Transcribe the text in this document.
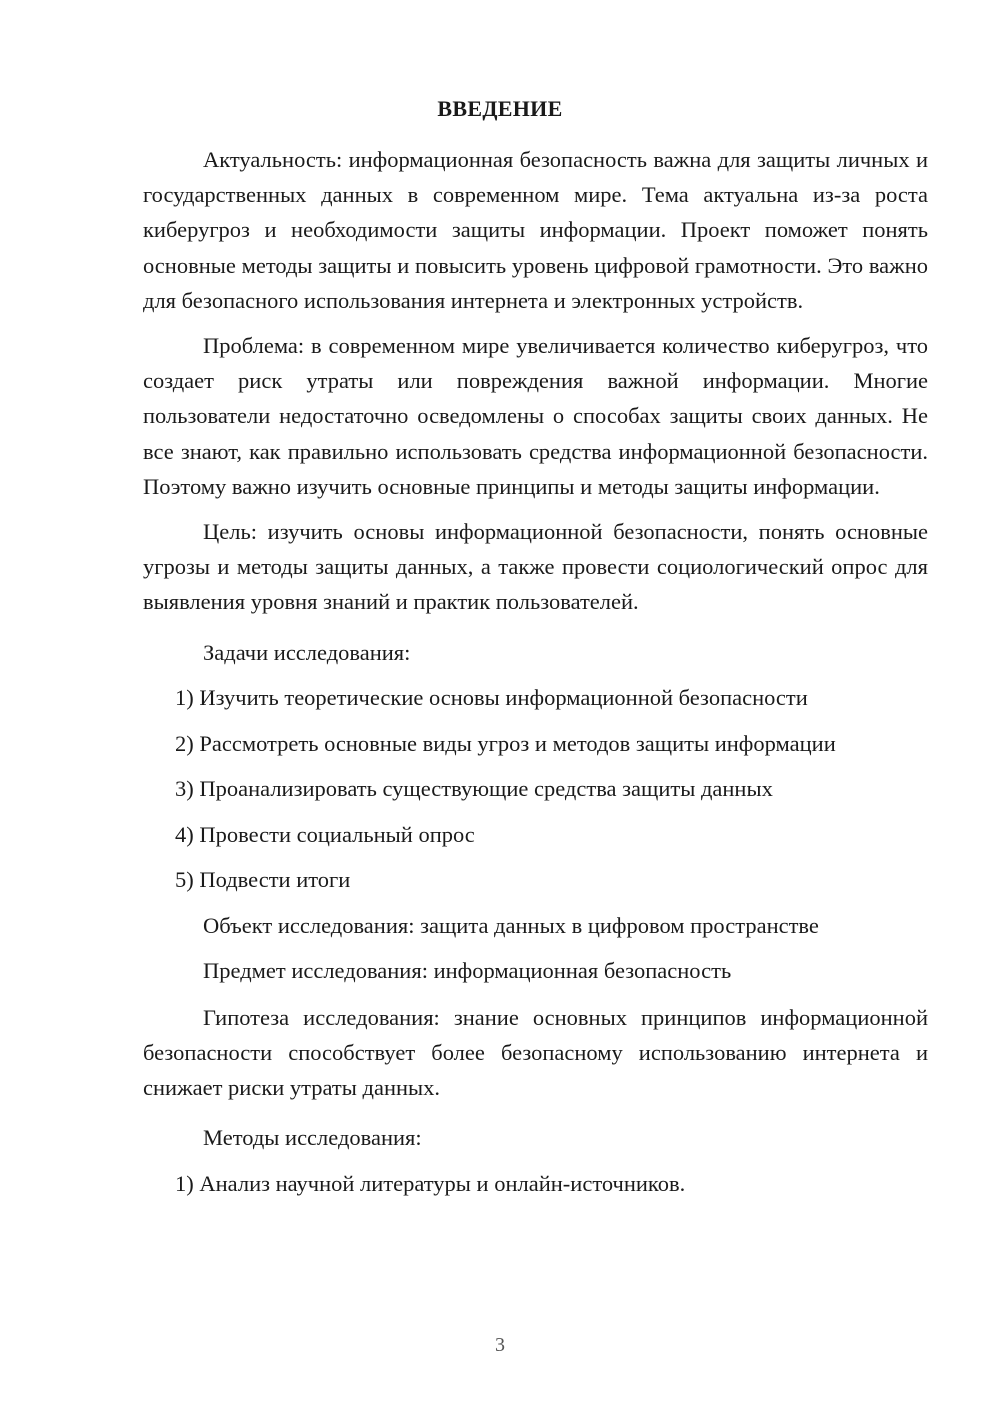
ВВЕДЕНИЕ

Актуальность: информационная безопасность важна для защиты личных и государственных данных в современном мире. Тема актуальна из-за роста киберугроз и необходимости защиты информации. Проект поможет понять основные методы защиты и повысить уровень цифровой грамотности. Это важно для безопасного использования интернета и электронных устройств.

Проблема: в современном мире увеличивается количество киберугроз, что создает риск утраты или повреждения важной информации. Многие пользователи недостаточно осведомлены о способах защиты своих данных. Не все знают, как правильно использовать средства информационной безопасности. Поэтому важно изучить основные принципы и методы защиты информации.

Цель: изучить основы информационной безопасности, понять основные угрозы и методы защиты данных, а также провести социологический опрос для выявления уровня знаний и практик пользователей.

Задачи исследования:

1) Изучить теоретические основы информационной безопасности

2) Рассмотреть основные виды угроз и методов защиты информации

3) Проанализировать существующие средства защиты данных

4) Провести социальный опрос

5) Подвести итоги

Объект исследования: защита данных в цифровом пространстве

Предмет исследования: информационная безопасность

Гипотеза исследования: знание основных принципов информационной безопасности способствует более безопасному использованию интернета и снижает риски утраты данных.

Методы исследования:

1) Анализ научной литературы и онлайн-источников.

3
